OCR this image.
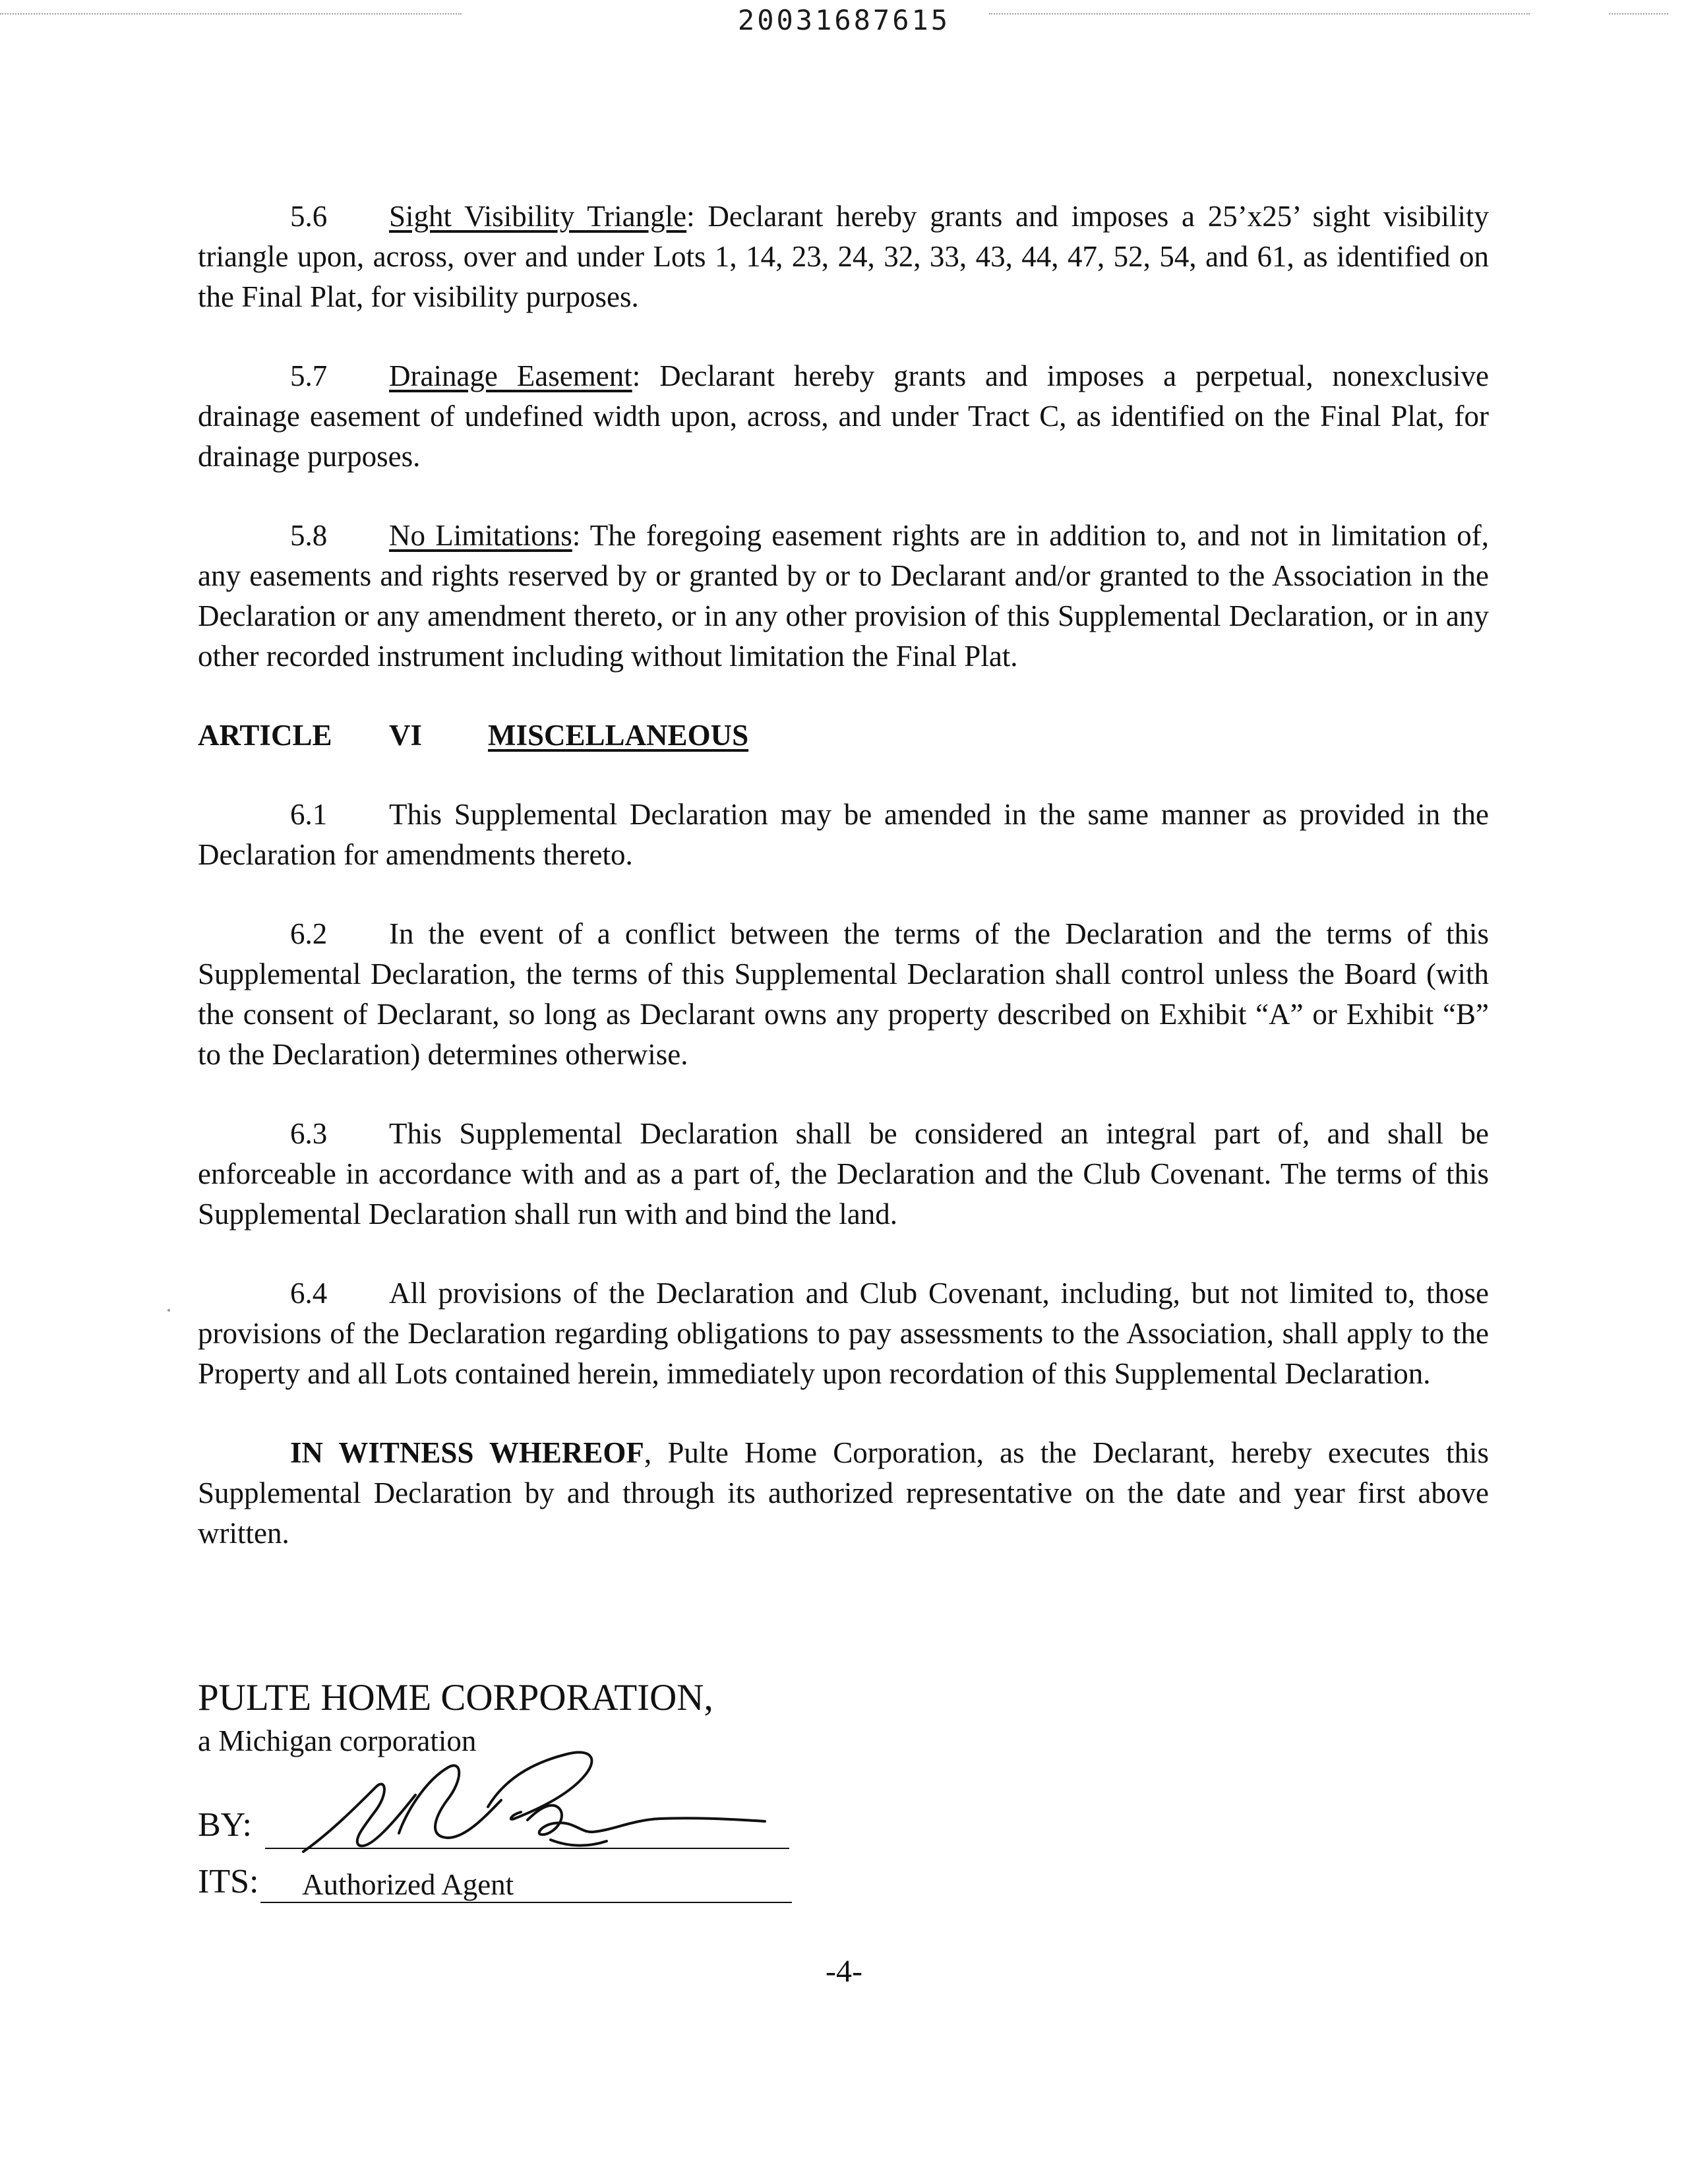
20031687615

5.6 Sight Visibility Triangle: Declarant hereby grants and imposes a 25’x25’ sight visibility triangle upon, across, over and under Lots 1, 14, 23, 24, 32, 33, 43, 44, 47, 52, 54, and 61, as identified on the Final Plat, for visibility purposes.

5.7 Drainage Easement: Declarant hereby grants and imposes a perpetual, nonexclusive drainage easement of undefined width upon, across, and under Tract C, as identified on the Final Plat, for drainage purposes.

5.8 No Limitations: The foregoing easement rights are in addition to, and not in limitation of, any easements and rights reserved by or granted by or to Declarant and/or granted to the Association in the Declaration or any amendment thereto, or in any other provision of this Supplemental Declaration, or in any other recorded instrument including without limitation the Final Plat.

ARTICLE VI MISCELLANEOUS

6.1 This Supplemental Declaration may be amended in the same manner as provided in the Declaration for amendments thereto.

6.2 In the event of a conflict between the terms of the Declaration and the terms of this Supplemental Declaration, the terms of this Supplemental Declaration shall control unless the Board (with the consent of Declarant, so long as Declarant owns any property described on Exhibit “A” or Exhibit “B” to the Declaration) determines otherwise.

6.3 This Supplemental Declaration shall be considered an integral part of, and shall be enforceable in accordance with and as a part of, the Declaration and the Club Covenant. The terms of this Supplemental Declaration shall run with and bind the land.

6.4 All provisions of the Declaration and Club Covenant, including, but not limited to, those provisions of the Declaration regarding obligations to pay assessments to the Association, shall apply to the Property and all Lots contained herein, immediately upon recordation of this Supplemental Declaration.

IN WITNESS WHEREOF, Pulte Home Corporation, as the Declarant, hereby executes this Supplemental Declaration by and through its authorized representative on the date and year first above written.

PULTE HOME CORPORATION,
a Michigan corporation
BY:
ITS: Authorized Agent
-4-
